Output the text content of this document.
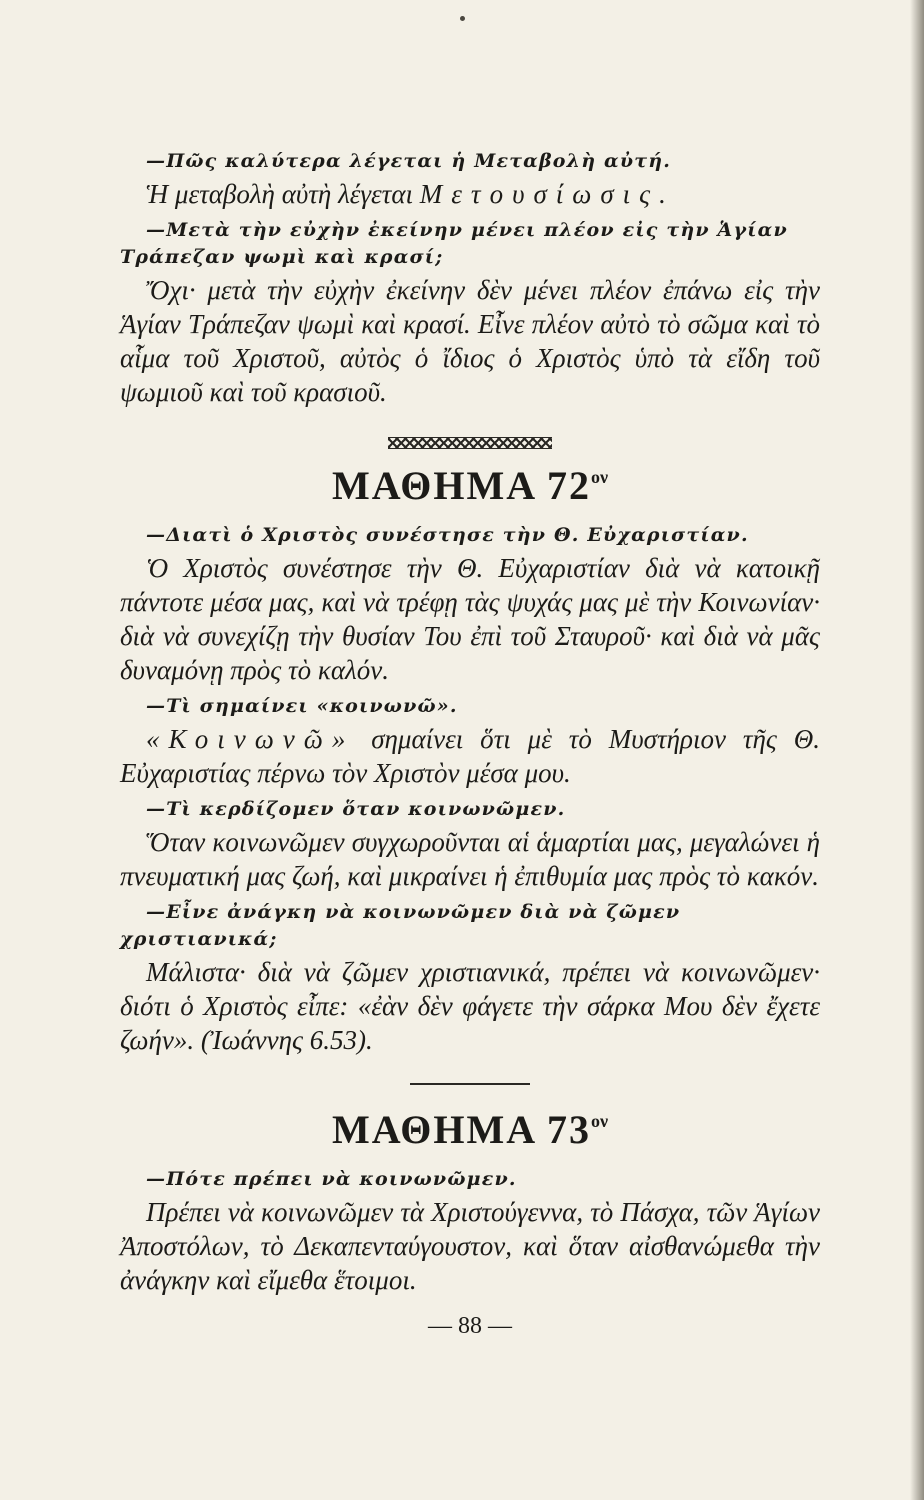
—Πῶς καλύτερα λέγεται ἡ Μεταβολὴ αὐτή.

Ἡ μεταβολὴ αὐτὴ λέγεται Μετουσίωσις.

—Μετὰ τὴν εὐχὴν ἐκείνην μένει πλέον εἰς τὴν Ἁγίαν Τράπεζαν ψωμὶ καὶ κρασί;

Ὄχι· μετὰ τὴν εὐχὴν ἐκείνην δὲν μένει πλέον ἐπάνω εἰς τὴν Ἁγίαν Τράπεζαν ψωμὶ καὶ κρασί. Εἶνε πλέον αὐτὸ τὸ σῶμα καὶ τὸ αἷμα τοῦ Χριστοῦ, αὐτὸς ὁ ἴδιος ὁ Χριστὸς ὑπὸ τὰ εἴδη τοῦ ψωμιοῦ καὶ τοῦ κρασιοῦ.

ΜΑΘΗΜΑ $72^{o\nu}$

—Διατὶ ὁ Χριστὸς συνέστησε τὴν Θ. Εὐχαριστίαν.

Ὁ Χριστὸς συνέστησε τὴν Θ. Εὐχαριστίαν διὰ νὰ κατοικῇ πάντοτε μέσα μας, καὶ νὰ τρέφῃ τὰς ψυχάς μας μὲ τὴν Κοινωνίαν· διὰ νὰ συνεχίζῃ τὴν θυσίαν Του ἐπὶ τοῦ Σταυροῦ· καὶ διὰ νὰ μᾶς δυναμόνῃ πρὸς τὸ καλόν.

—Τὶ σημαίνει «κοινωνῶ».

«Κοινωνῶ» σημαίνει ὅτι μὲ τὸ Μυστήριον τῆς Θ. Εὐχαριστίας πέρνω τὸν Χριστὸν μέσα μου.

—Τὶ κερδίζομεν ὅταν κοινωνῶμεν.

Ὅταν κοινωνῶμεν συγχωροῦνται αἱ ἁμαρτίαι μας, μεγαλώνει ἡ πνευματική μας ζωή, καὶ μικραίνει ἡ ἐπιθυμία μας πρὸς τὸ κακόν.

—Εἶνε ἀνάγκη νὰ κοινωνῶμεν διὰ νὰ ζῶμεν χριστιανικά;

Μάλιστα· διὰ νὰ ζῶμεν χριστιανικά, πρέπει νὰ κοινωνῶμεν· διότι ὁ Χριστὸς εἶπε: «ἐὰν δὲν φάγετε τὴν σάρκα Μου δὲν ἔχετε ζωήν». (Ἰωάννης 6.53).

ΜΑΘΗΜΑ $73^{o\nu}$

—Πότε πρέπει νὰ κοινωνῶμεν.

Πρέπει νὰ κοινωνῶμεν τὰ Χριστούγεννα, τὸ Πάσχα, τῶν Ἁγίων Ἀποστόλων, τὸ Δεκαπενταύγουστον, καὶ ὅταν αἰσθανώμεθα τὴν ἀνάγκην καὶ εἴμεθα ἕτοιμοι.

— 88 —
